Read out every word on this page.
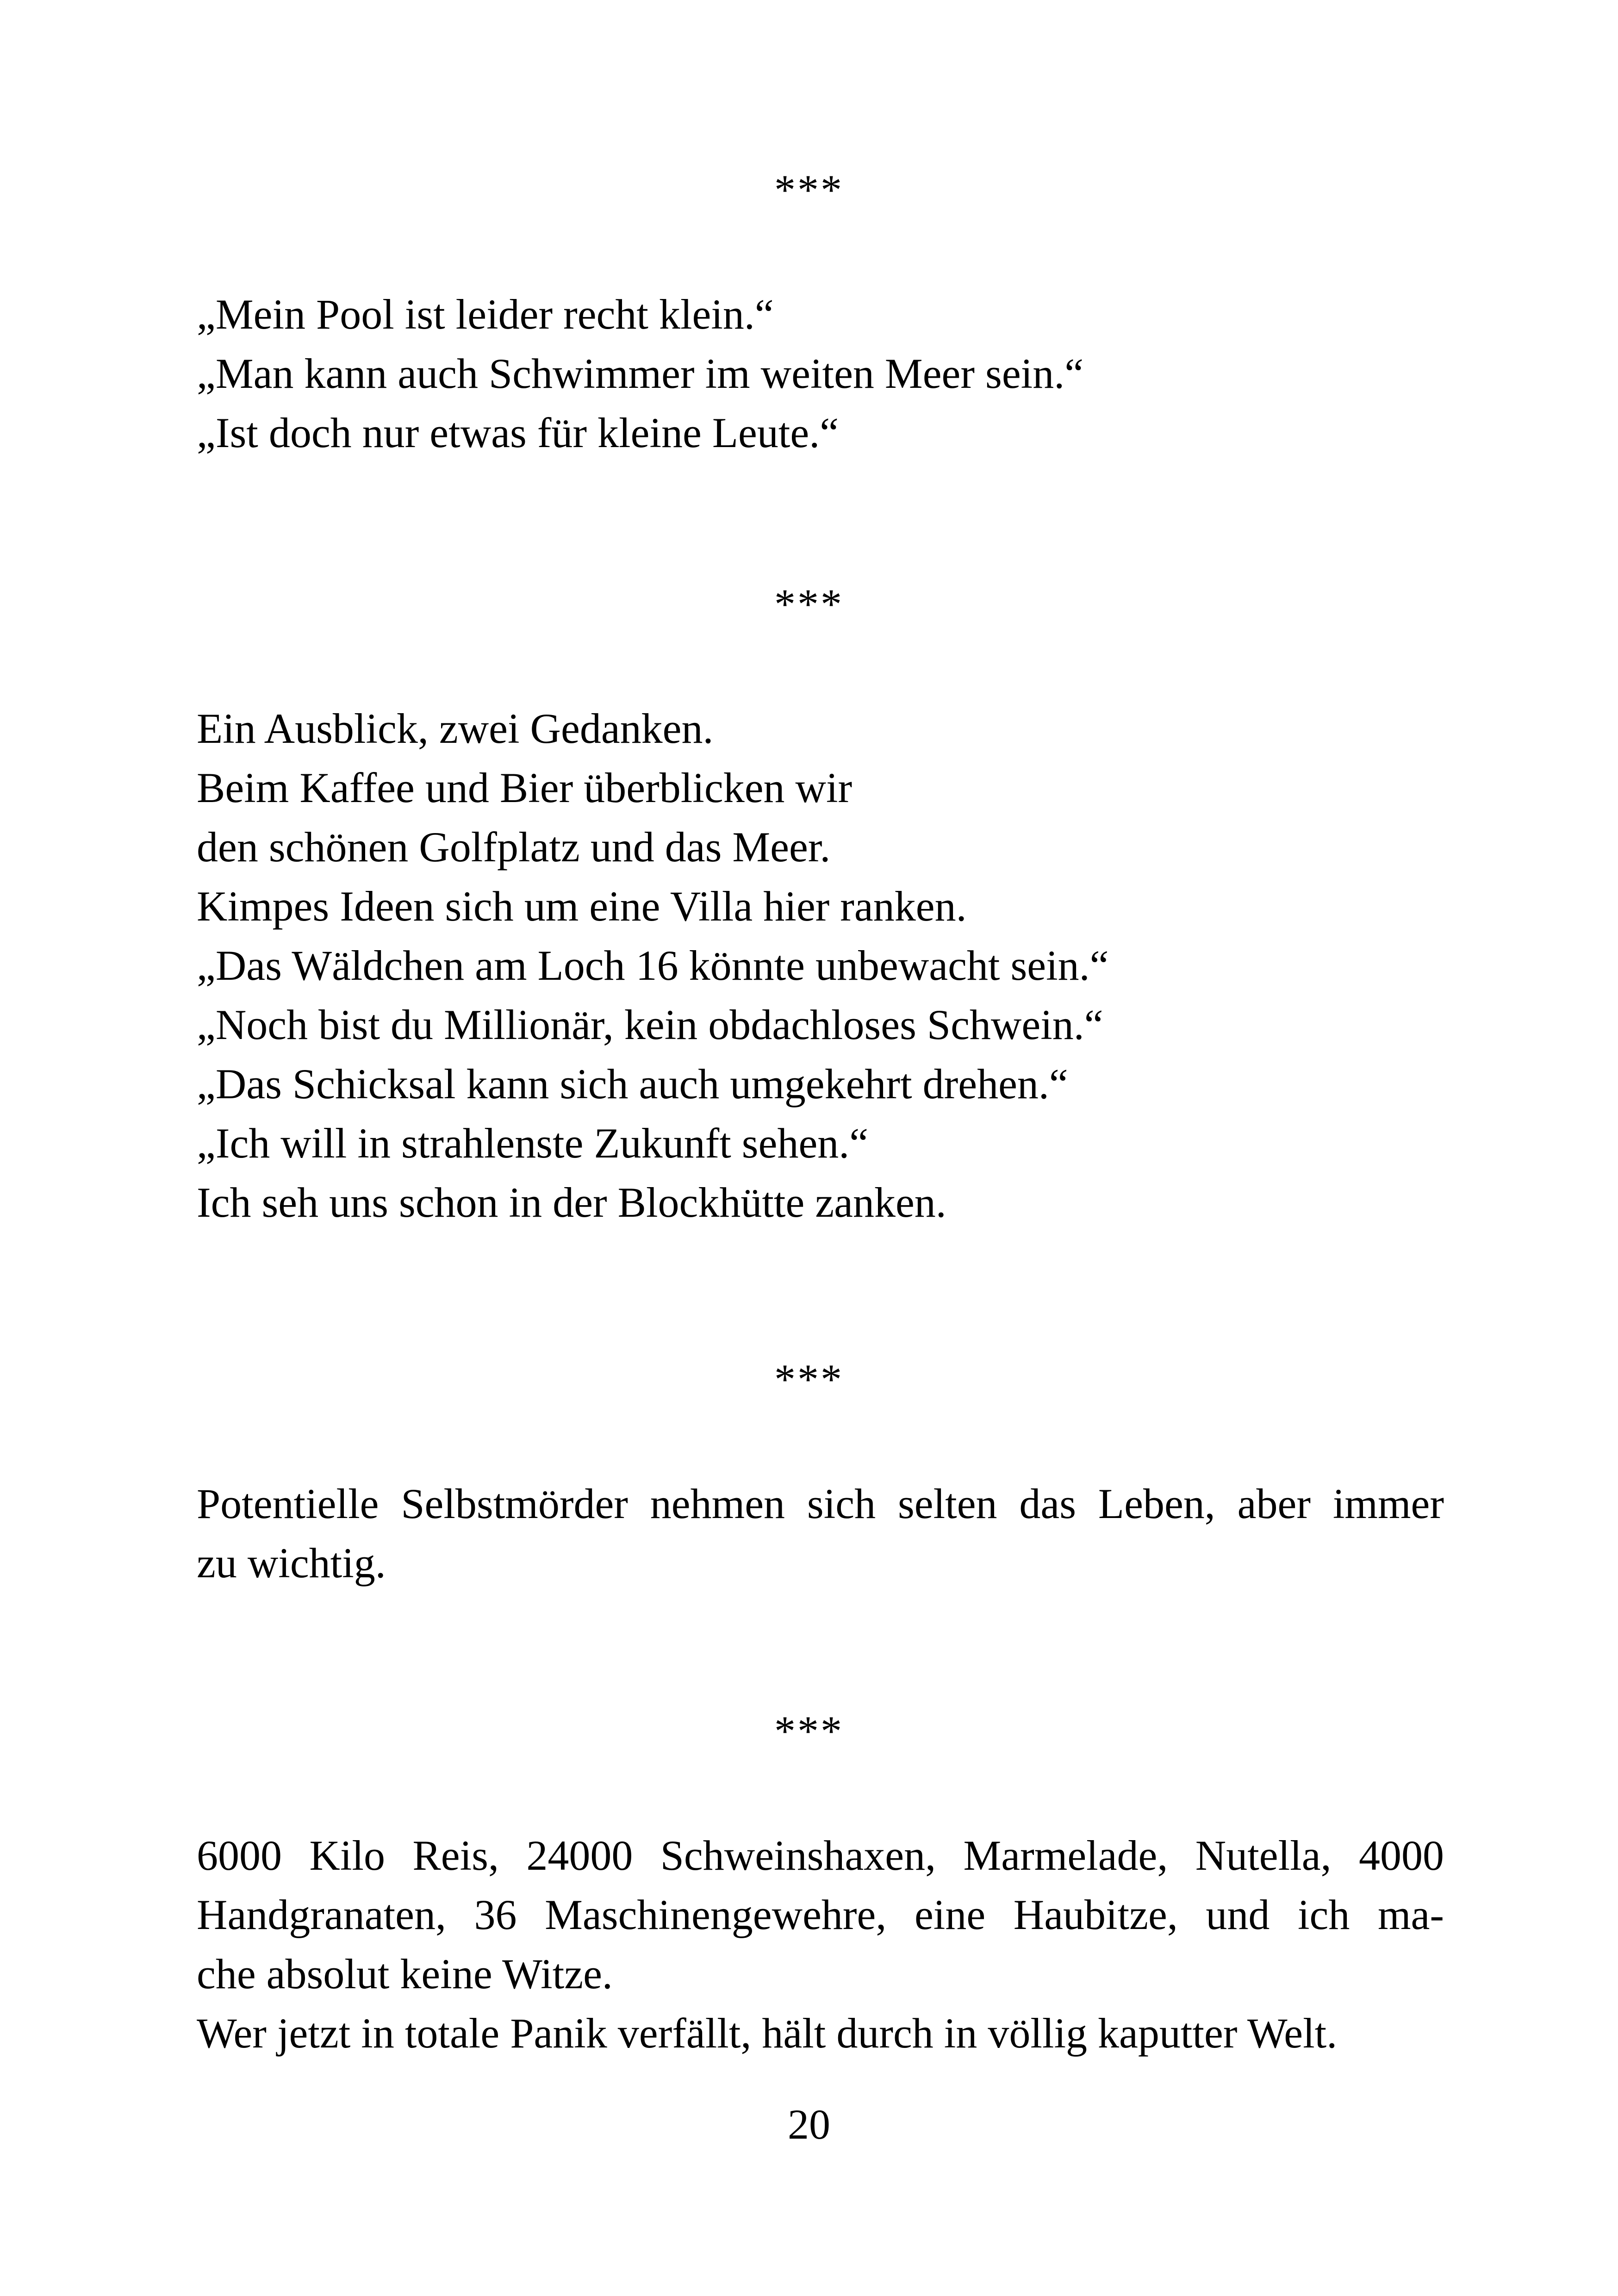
***
„Mein Pool ist leider recht klein.“
„Man kann auch Schwimmer im weiten Meer sein.“
„Ist doch nur etwas für kleine Leute.“
***
Ein Ausblick, zwei Gedanken.
Beim Kaffee und Bier überblicken wir
den schönen Golfplatz und das Meer.
Kimpes Ideen sich um eine Villa hier ranken.
„Das Wäldchen am Loch 16 könnte unbewacht sein.“
„Noch bist du Millionär, kein obdachloses Schwein.“
„Das Schicksal kann sich auch umgekehrt drehen.“
„Ich will in strahlenste Zukunft sehen.“
Ich seh uns schon in der Blockhütte zanken.
***
Potentielle Selbstmörder nehmen sich selten das Leben, aber immer
zu wichtig.
***
6000 Kilo Reis, 24000 Schweinshaxen, Marmelade, Nutella, 4000
Handgranaten, 36 Maschinengewehre, eine Haubitze, und ich ma-
che absolut keine Witze.
Wer jetzt in totale Panik verfällt, hält durch in völlig kaputter Welt.
20
